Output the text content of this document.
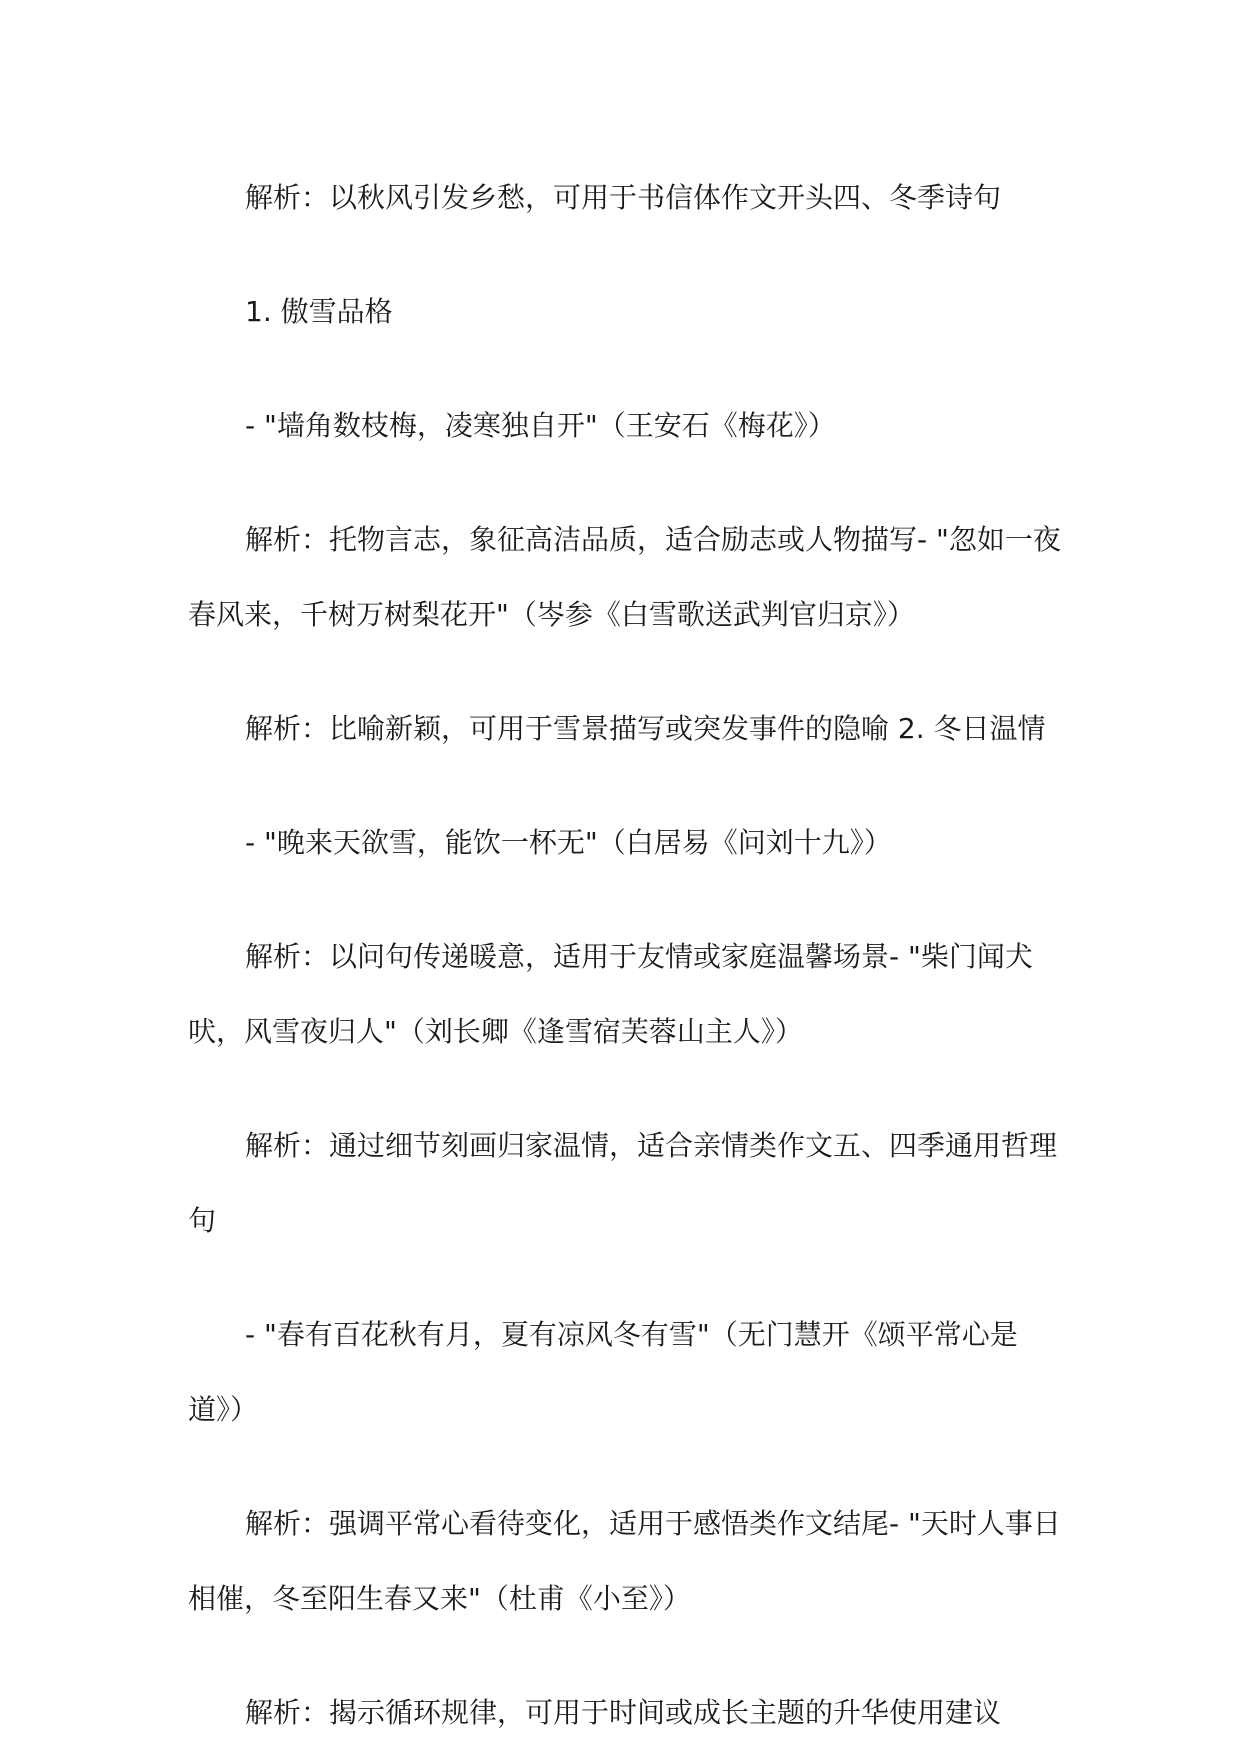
解析：以秋风引发乡愁，可用于书信体作文开头四、冬季诗句

1. 傲雪品格

- "墙角数枝梅，凌寒独自开"（王安石《梅花》）

解析：托物言志，象征高洁品质，适合励志或人物描写- "忽如一夜春风来，千树万树梨花开"（岑参《白雪歌送武判官归京》）

解析：比喻新颖，可用于雪景描写或突发事件的隐喻 2. 冬日温情

- "晚来天欲雪，能饮一杯无"（白居易《问刘十九》）

解析：以问句传递暖意，适用于友情或家庭温馨场景- "柴门闻犬吠，风雪夜归人"（刘长卿《逢雪宿芙蓉山主人》）

解析：通过细节刻画归家温情，适合亲情类作文五、四季通用哲理句

- "春有百花秋有月，夏有凉风冬有雪"（无门慧开《颂平常心是道》）

解析：强调平常心看待变化，适用于感悟类作文结尾- "天时人事日相催，冬至阳生春又来"（杜甫《小至》）

解析：揭示循环规律，可用于时间或成长主题的升华使用建议
